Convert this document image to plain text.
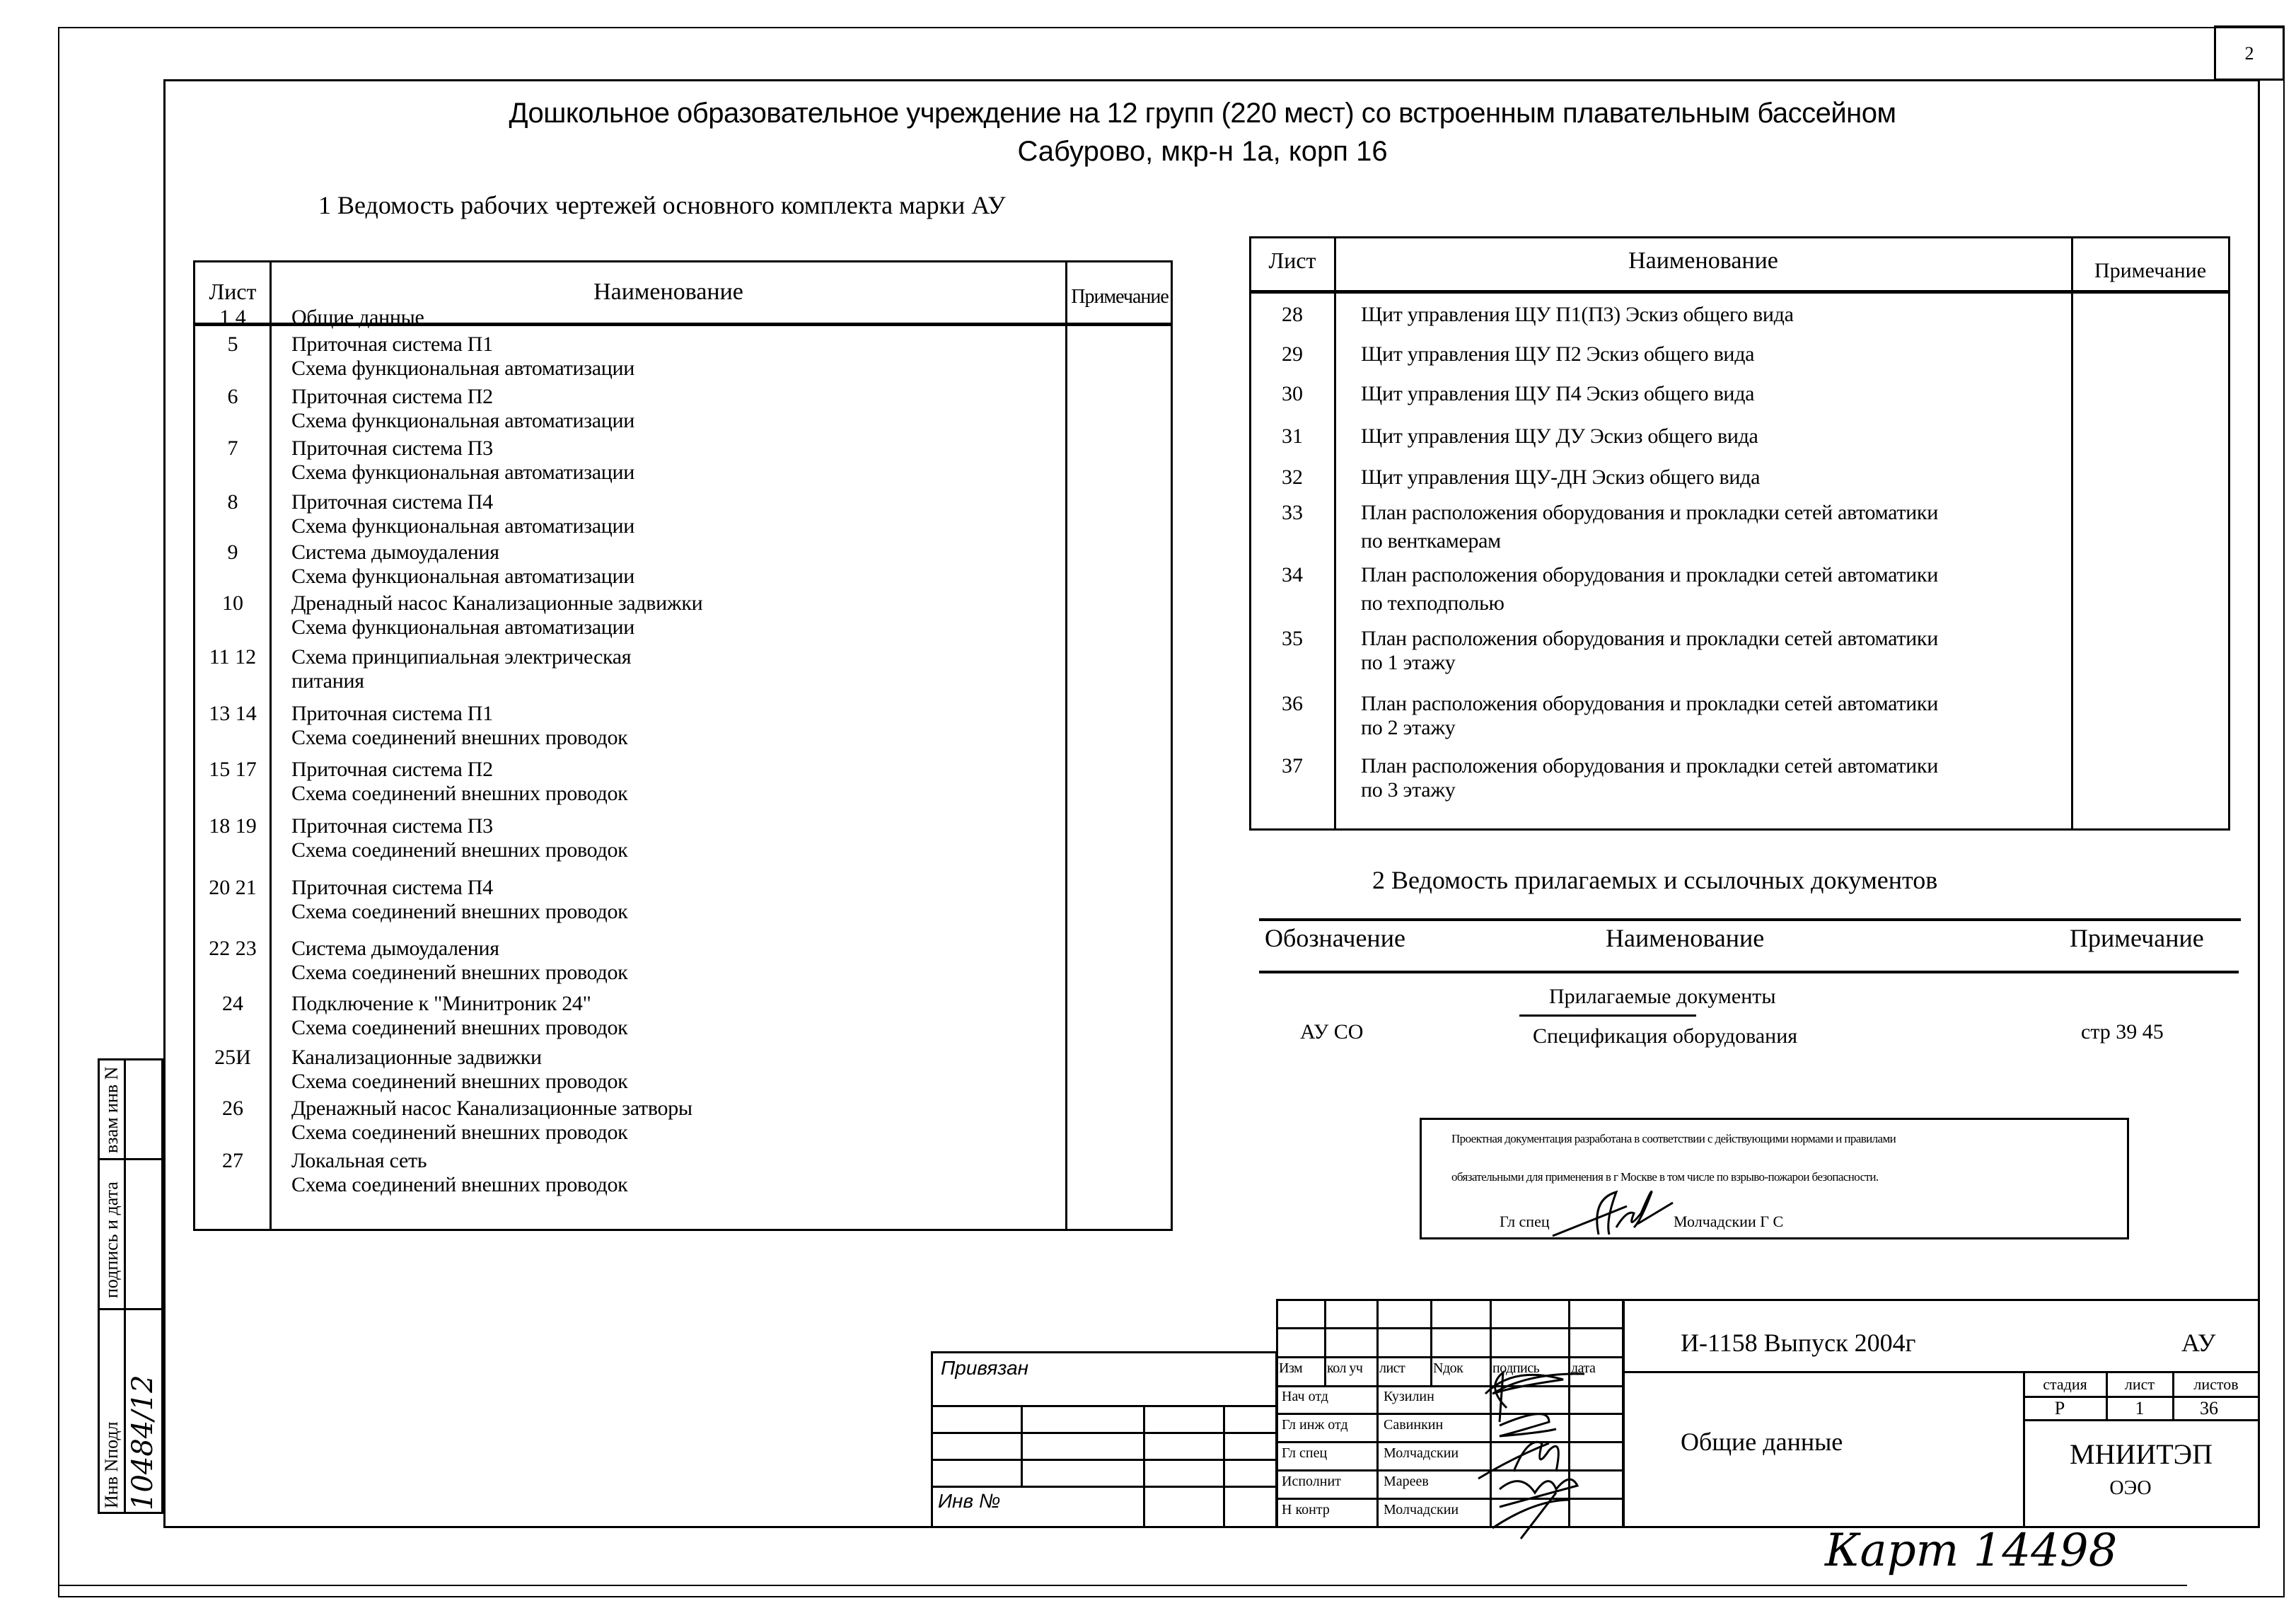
2
Дошкольное образовательное учреждение на 12 групп (220 мест) со встроенным плавательным бассейном
Сабурово, мкр-н 1а, корп 16
1 Ведомость рабочих чертежей основного комплекта марки АУ
Лист	Наименование	Примечание
1 4	Общие данные
5	Приточная система П1
Схема функциональная автоматизации
6	Приточная система П2
Схема функциональная автоматизации
7	Приточная система П3
Схема функциональная автоматизации
8	Приточная система П4
Схема функциональная автоматизации
9	Система дымоудаления
Схема функциональная автоматизации
10	Дренадный насос Канализационные задвижки
Схема функциональная автоматизации
11 12	Схема принципиальная электрическая
питания
13 14	Приточная система П1
Схема соединений внешних проводок
15 17	Приточная система П2
Схема соединений внешних проводок
18 19	Приточная система П3
Схема соединений внешних проводок
20 21	Приточная система П4
Схема соединений внешних проводок
22 23	Система дымоудаления
Схема соединений внешних проводок
24	Подключение к "Минитроник 24"
Схема соединений внешних проводок
25И	Канализационные задвижки
Схема соединений внешних проводок
26	Дренажный насос Канализационные затворы
Схема соединений внешних проводок
27	Локальная сеть
Схема соединений внешних проводок
Лист	Наименование	Примечание
28	Щит управления ЩУ П1(П3) Эскиз общего вида
29	Щит управления ЩУ П2 Эскиз общего вида
30	Щит управления ЩУ П4 Эскиз общего вида
31	Щит управления ЩУ ДУ Эскиз общего вида
32	Щит управления ЩУ-ДН Эскиз общего вида
33	План расположения оборудования и прокладки сетей автоматики
по венткамерам
34	План расположения оборудования и прокладки сетей автоматики
по техподполью
35	План расположения оборудования и прокладки сетей автоматики
по 1 этажу
36	План расположения оборудования и прокладки сетей автоматики
по 2 этажу
37	План расположения оборудования и прокладки сетей автоматики
по 3 этажу
2 Ведомость прилагаемых и ссылочных документов
Обозначение	Наименование	Примечание
Прилагаемые документы
АУ СО	Спецификация оборудования	стр 39 45
Проектная документация разработана в соответствии с действующими нормами и правилами
обязательными для применения в г Москве в том числе по взрыво-пожарои безопасности.
Гл спец	Молчадскии Г С
взам инв N
подпись и дата
Инв Nподл 10484/12
Привязан
Инв №
Изм кол уч лист Nдок подпись дата
Нач отд	Кузилин
Гл инж отд	Савинкин
Гл спец	Молчадскии
Исполнит	Мареев
Н контр	Молчадскии
И-1158 Выпуск 2004г	АУ
Общие данные
стадия	лист	листов
Р	1	36
МНИИТЭП
ОЭО
Карт 14498
